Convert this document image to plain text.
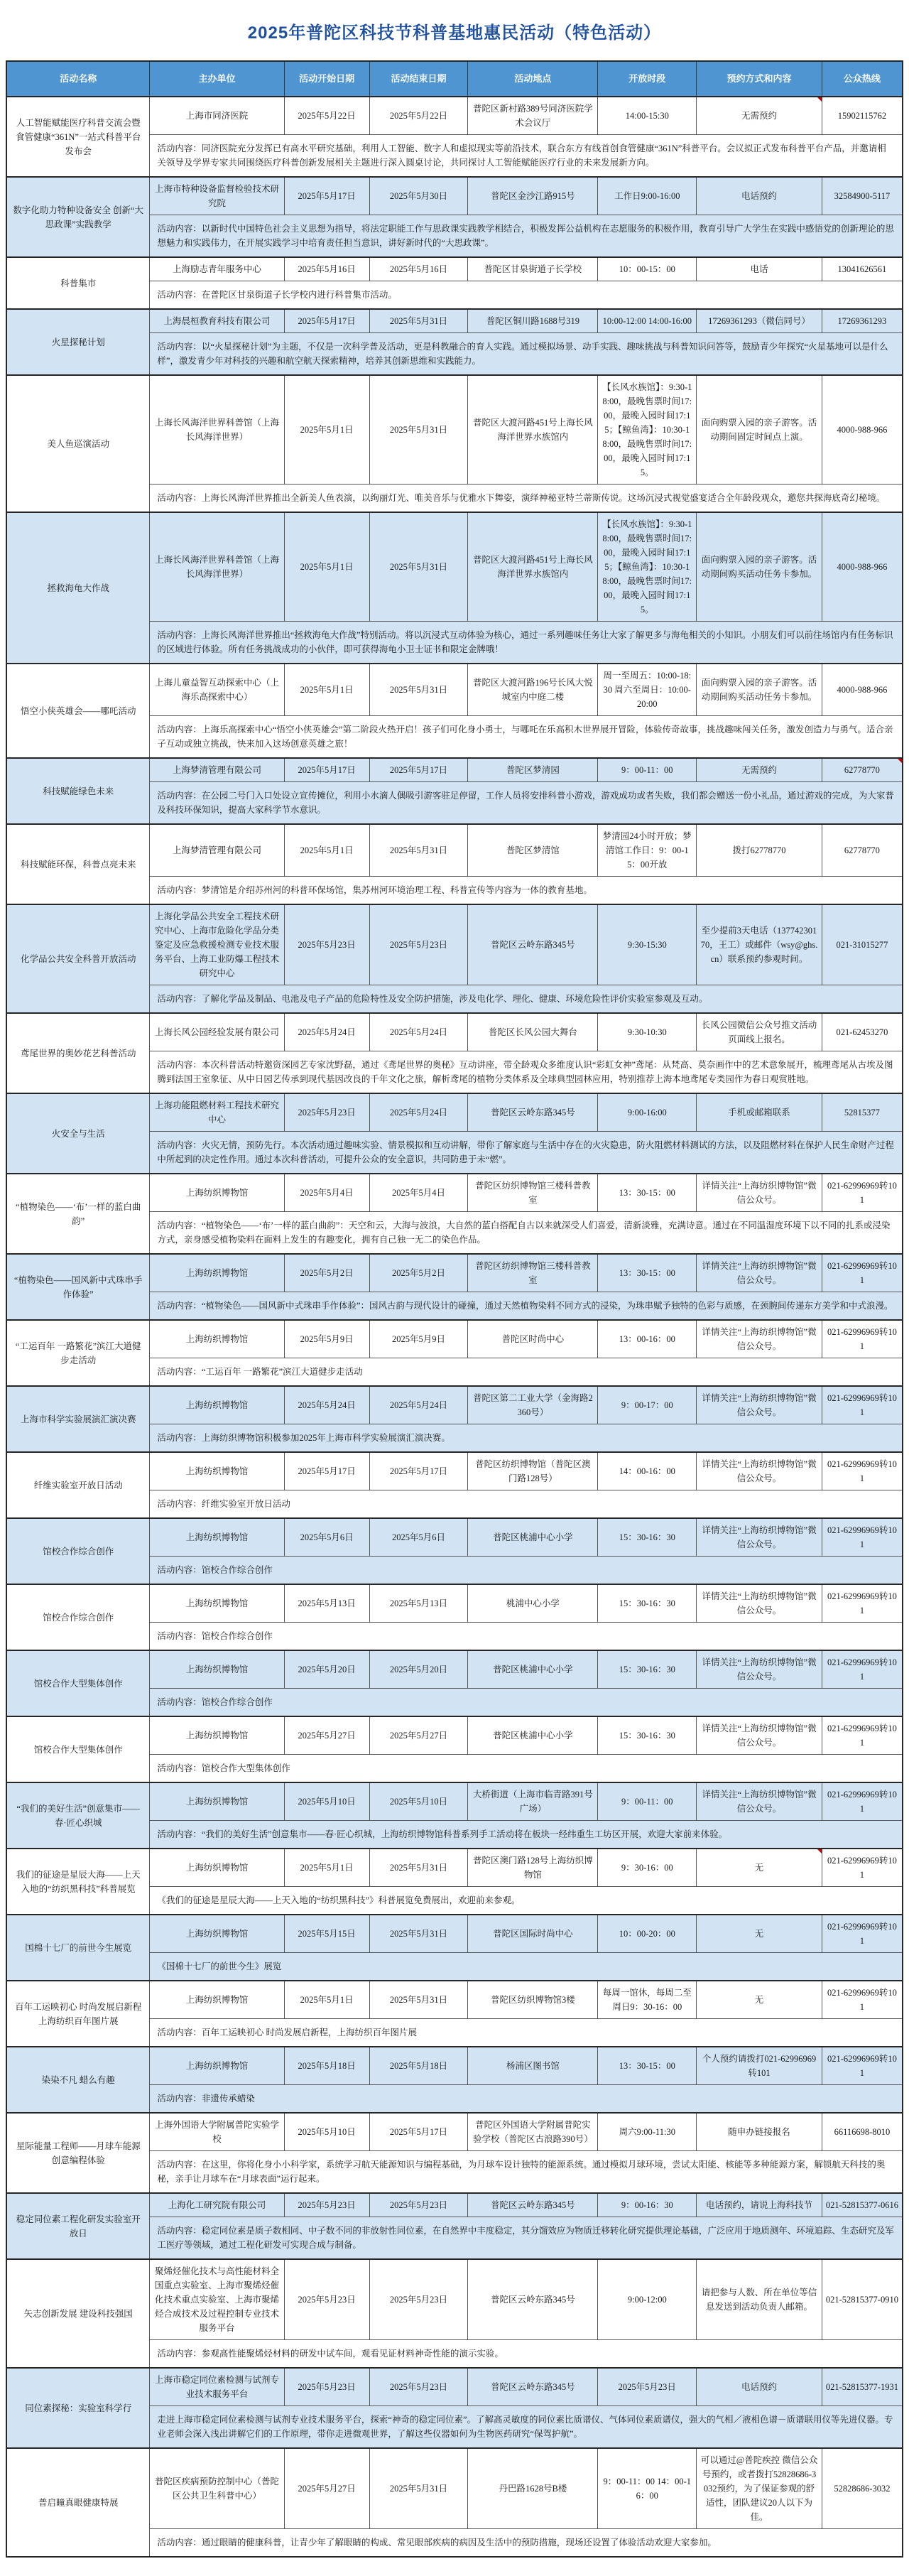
2025年普陀区科技节科普基地惠民活动（特色活动）
活动名称	主办单位	活动开始日期	活动结束日期	活动地点	开放时段	预约方式和内容	公众热线
人工智能赋能医疗科普交流会暨食管健康“361N”一站式科普平台发布会	上海市同济医院	2025年5月22日	2025年5月22日	普陀区新村路389号同济医院学术会议厅	14:00-15:30	无需预约	15902115762
	活动内容：同济医院充分发挥已有高水平研究基础，利用人工智能、数字人和虚拟现实等前沿技术，联合东方有线首创食管健康“361N”科普平台。会议拟正式发布科普平台产品，并邀请相关领导及学界专家共同围绕医疗科普创新发展相关主题进行深入圆桌讨论，共同探讨人工智能赋能医疗行业的未来发展新方向。						
数字化助力特种设备安全 创新“大思政课”实践教学	上海市特种设备监督检验技术研究院	2025年5月17日	2025年5月30日	普陀区金沙江路915号	工作日9:00-16:00	电话预约	32584900-5117
	活动内容：以新时代中国特色社会主义思想为指导，将法定职能工作与思政课实践教学相结合，积极发挥公益机构在志愿服务的积极作用，教育引导广大学生在实践中感悟党的创新理论的思想魅力和实践伟力，在开展实践学习中培育责任担当意识，讲好新时代的“大思政课”。						
科普集市	上海励志青年服务中心	2025年5月16日	2025年5月16日	普陀区甘泉街道子长学校	10：00-15：00	电话	13041626561
	活动内容：在普陀区甘泉街道子长学校内进行科普集市活动。						
火星探秘计划	上海晨桓教育科技有限公司	2025年5月17日	2025年5月31日	普陀区铜川路1688号319	10:00-12:00 14:00-16:00	17269361293（微信同号）	17269361293
	活动内容：以“火星探秘计划”为主题，不仅是一次科学普及活动，更是科教融合的育人实践。通过模拟场景、动手实践、趣味挑战与科普知识问答等，鼓励青少年探究“火星基地可以是什么样”，激发青少年对科技的兴趣和航空航天探索精神，培养其创新思维和实践能力。						
美人鱼巡演活动	上海长风海洋世界科普馆（上海长风海洋世界）	2025年5月1日	2025年5月31日	普陀区大渡河路451号上海长风海洋世界水族馆内	【长风水族馆】：9:30-18:00，最晚售票时间17:00，最晚入园时间17:15；【鲸鱼湾】：10:30-18:00，最晚售票时间17:00，最晚入园时间17:15。	面向购票入园的亲子游客。活动期间固定时间点上演。	4000-988-966
	活动内容：上海长风海洋世界推出全新美人鱼表演，以绚丽灯光、唯美音乐与优雅水下舞姿，演绎神秘亚特兰蒂斯传说。这场沉浸式视觉盛宴适合全年龄段观众，邀您共探海底奇幻秘境。						
拯救海龟大作战	上海长风海洋世界科普馆（上海长风海洋世界）	2025年5月1日	2025年5月31日	普陀区大渡河路451号上海长风海洋世界水族馆内	【长风水族馆】：9:30-18:00，最晚售票时间17:00，最晚入园时间17:15；【鲸鱼湾】：10:30-18:00，最晚售票时间17:00，最晚入园时间17:15。	面向购票入园的亲子游客。活动期间购买活动任务卡参加。	4000-988-966
	活动内容：上海长风海洋世界推出“拯救海龟大作战”特别活动。将以沉浸式互动体验为核心，通过一系列趣味任务让大家了解更多与海龟相关的小知识。小朋友们可以前往场馆内有任务标识的区域进行体验。所有任务挑战成功的小伙伴，即可获得海龟小卫士证书和限定金牌哦！						
悟空小侠英雄会——哪吒活动	上海儿童益智互动探索中心（上海乐高探索中心）	2025年5月1日	2025年5月31日	普陀区大渡河路196号长风大悦城室内中庭二楼	周一至周五：10:00-18:30 周六至周日：10:00-20:00	面向购票入园的亲子游客。活动期间购买活动任务卡参加。	4000-988-966
	活动内容：上海乐高探索中心“悟空小侠英雄会”第二阶段火热开启！孩子们可化身小勇士，与哪吒在乐高积木世界展开冒险，体验传奇故事，挑战趣味闯关任务，激发创造力与勇气。适合亲子互动或独立挑战，快来加入这场创意英雄之旅！						
科技赋能绿色未来	上海梦清管理有限公司	2025年5月17日	2025年5月17日	普陀区梦清园	9：00-11：00	无需预约	62778770
	活动内容：在公园二号门入口处设立宣传摊位，利用小水滴人偶吸引游客驻足停留，工作人员将安排科普小游戏，游戏成功或者失败，我们都会赠送一份小礼品，通过游戏的完成，为大家普及科技环保知识，提高大家科学节水意识。						
科技赋能环保，科普点亮未来	上海梦清管理有限公司	2025年5月1日	2025年5月31日	普陀区梦清馆	梦清园24小时开放；梦清馆工作日：9：00-15：00开放	拨打62778770	62778770
	活动内容：梦清馆是介绍苏州河的科普环保场馆，集苏州河环境治理工程、科普宣传等内容为一体的教育基地。						
化学品公共安全科普开放活动	上海化学品公共安全工程技术研究中心、上海市危险化学品分类鉴定及应急救援检测专业技术服务平台、上海工业防爆工程技术研究中心	2025年5月23日	2025年5月23日	普陀区云岭东路345号	9:30-15:30	至少提前3天电话（13774230170，王工）或邮件（wsy@ghs.cn）联系预约参观时间。	021-31015277
	活动内容：了解化学品及制品、电池及电子产品的危险特性及安全防护措施，涉及电化学、理化、健康、环境危险性评价实验室参观及互动。						
鸢尾世界的奥妙花艺科普活动	上海长风公园经验发展有限公司	2025年5月24日	2025年5月24日	普陀区长风公园大舞台	9:30-10:30	长风公园微信公众号推文活动页面线上报名。	021-62453270
	活动内容：本次科普活动特邀资深园艺专家沈野磊，通过《鸢尾世界的奥秘》互动讲座，带全龄观众多维度认识“彩虹女神”鸢尾：从梵高、莫奈画作中的艺术意象展开，梳理鸢尾从古埃及图腾到法国王室象征、从中日园艺传承到现代基因改良的千年文化之旅，解析鸢尾的植物分类体系及全球典型园林应用，特别推荐上海本地鸢尾专类园作为春日观赏胜地。						
火安全与生活	上海功能阻燃材料工程技术研究中心	2025年5月23日	2025年5月24日	普陀区云岭东路345号	9:00-16:00	手机或邮箱联系	52815377
	活动内容：火灾无情，预防先行。本次活动通过趣味实验、情景模拟和互动讲解，带你了解家庭与生活中存在的火灾隐患，防火阻燃材料测试的方法，以及阻燃材料在保护人民生命财产过程中所起到的决定性作用。通过本次科普活动，可提升公众的安全意识，共同防患于未“燃”。						
“植物染色——‘布’一样的蓝白曲韵”	上海纺织博物馆	2025年5月4日	2025年5月4日	普陀区纺织博物馆三楼科普教室	13：30-15：00	详情关注“上海纺织博物馆”微信公众号。	021-62996969转101
	活动内容：“植物染色——‘布’一样的蓝白曲韵”：天空和云，大海与波浪，大自然的蓝白搭配自古以来就深受人们喜爱，清新淡雅，充满诗意。通过在不同温湿度环境下以不同的扎系或浸染方式，亲身感受植物染料在面料上发生的有趣变化，拥有自己独一无二的染色作品。						
“植物染色——国风新中式珠串手作体验”	上海纺织博物馆	2025年5月2日	2025年5月2日	普陀区纺织博物馆三楼科普教室	13：30-15：00	详情关注“上海纺织博物馆”微信公众号。	021-62996969转101
	活动内容：“植物染色——国风新中式珠串手作体验”：国风古韵与现代设计的碰撞，通过天然植物染料不同方式的浸染，为珠串赋予独特的色彩与质感，在颈腕间传递东方美学和中式浪漫。						
“工运百年 一路繁花”滨江大道健步走活动	上海纺织博物馆	2025年5月9日	2025年5月9日	普陀区时尚中心	13：00-16：00	详情关注“上海纺织博物馆”微信公众号。	021-62996969转101
	活动内容：“工运百年 一路繁花”滨江大道健步走活动						
上海市科学实验展演汇演决赛	上海纺织博物馆	2025年5月24日	2025年5月24日	普陀区第二工业大学（金海路2360号）	9：00-17：00	详情关注“上海纺织博物馆”微信公众号。	021-62996969转101
	活动内容：上海纺织博物馆积极参加2025年上海市科学实验展演汇演决赛。						
纤维实验室开放日活动	上海纺织博物馆	2025年5月17日	2025年5月17日	普陀区纺织博物馆（普陀区澳门路128号）	14：00-16：00	详情关注“上海纺织博物馆”微信公众号。	021-62996969转101
	活动内容：纤维实验室开放日活动						
馆校合作综合创作	上海纺织博物馆	2025年5月6日	2025年5月6日	普陀区桃浦中心小学	15：30-16：30	详情关注“上海纺织博物馆”微信公众号。	021-62996969转101
	活动内容：馆校合作综合创作						
馆校合作综合创作	上海纺织博物馆	2025年5月13日	2025年5月13日	桃浦中心小学	15：30-16：30	详情关注“上海纺织博物馆”微信公众号。	021-62996969转101
	活动内容：馆校合作综合创作						
馆校合作大型集体创作	上海纺织博物馆	2025年5月20日	2025年5月20日	普陀区桃浦中心小学	15：30-16：30	详情关注“上海纺织博物馆”微信公众号。	021-62996969转101
	活动内容：馆校合作综合创作						
馆校合作大型集体创作	上海纺织博物馆	2025年5月27日	2025年5月27日	普陀区桃浦中心小学	15：30-16：30	详情关注“上海纺织博物馆”微信公众号。	021-62996969转101
	活动内容：馆校合作大型集体创作						
“我们的美好生活”创意集市——春·匠心织城	上海纺织博物馆	2025年5月10日	2025年5月10日	大桥街道（上海市临青路391号广场）	9：00-11：00	详情关注“上海纺织博物馆”微信公众号。	021-62996969转101
	活动内容：“我们的美好生活”创意集市——春·匠心织城，上海纺织博物馆科普系列手工活动将在板块一经纬重生工坊区开展，欢迎大家前来体验。						
我们的征途是星辰大海——上天入地的“纺织黑科技”科普展览	上海纺织博物馆	2025年5月1日	2025年5月31日	普陀区澳门路128号上海纺织博物馆	9：30-16：00	无	021-62996969转101
	《我们的征途是星辰大海——上天入地的“纺织黑科技”》科普展览免费展出，欢迎前来参观。						
国棉十七厂的前世今生展览	上海纺织博物馆	2025年5月15日	2025年5月31日	普陀区国际时尚中心	10：00-20：00	无	021-62996969转101
	《国棉十七厂的前世今生》展览						
百年工运映初心 时尚发展启新程 上海纺织百年图片展	上海纺织博物馆	2025年5月1日	2025年5月31日	普陀区纺织博物馆3楼	每周一馆休，每周二至周日9：30-16：00	无	021-62996969转101
	活动内容：百年工运映初心 时尚发展启新程，上海纺织百年图片展						
染染不凡 蜡么有趣	上海纺织博物馆	2025年5月18日	2025年5月18日	杨浦区图书馆	13：30-15：00	个人预约请拨打021-62996969转101	021-62996969转101
	活动内容：非遗传承蜡染						
星际能量工程师——月球车能源创意编程体验	上海外国语大学附属普陀实验学校	2025年5月10日	2025年5月17日	普陀区外国语大学附属普陀实验学校（普陀区古浪路390号）	周六9:00-11:30	随申办链接报名	66116698-8010
	活动内容：在这里，你将化身小小科学家，系统学习航天能源知识与编程基础，为月球车设计独特的能源系统。通过模拟月球环境，尝试太阳能、核能等多种能源方案，解锁航天科技的奥秘，亲手让月球车在“月球表面”运行起来。						
稳定同位素工程化研发实验室开放日	上海化工研究院有限公司	2025年5月23日	2025年5月23日	普陀区云岭东路345号	9：00-16：30	电话预约，请说上海科技节	021-52815377-0616
	活动内容：稳定同位素是质子数相同、中子数不同的非放射性同位素，在自然界中丰度稳定，其分馏效应为物质迁移转化研究提供理论基础，广泛应用于地质测年、环境追踪、生态研究及军工医疗等领域，通过工程化研发可实现合成与制备。						
矢志创新发展 建设科技强国	聚烯烃催化技术与高性能材料全国重点实验室、上海市聚烯烃催化技术重点实验室、上海市聚烯烃合成技术及过程控制专业技术服务平台	2025年5月23日	2025年5月23日	普陀区云岭东路345号	9:00-12:00	请把参与人数、所在单位等信息发送到活动负责人邮箱。	021-52815377-0910
	活动内容：参观高性能聚烯烃材料的研发中试车间，观看见证材料神奇性能的演示实验。						
同位素探秘：实验室科学行	上海市稳定同位素检测与试剂专业技术服务平台	2025年5月23日	2025年5月23日	普陀区云岭东路345号	2025年5月23日	电话预约	021-52815377-1931
	走进上海市稳定同位素检测与试剂专业技术服务平台，探索“神奇的稳定同位素”。了解高灵敏度的同位素比质谱仪、气体同位素质谱仪，强大的气相／液相色谱－质谱联用仪等先进仪器。专业老师会深入浅出讲解它们的工作原理，带你走进微观世界，了解这些仪器如何为生物医药研究“保驾护航”。						
普启瞳真眼健康特展	普陀区疾病预防控制中心（普陀区公共卫生科普中心）	2025年5月27日	2025年5月31日	丹巴路1628号B楼	9：00-11：00 14：00-16：00	可以通过@普陀疾控 微信公众号预约，或者拨打52828686-3032预约，为了保证参观的舒适性，团队建议20人以下为佳。	52828686-3032
	活动内容：通过眼睛的健康科普，让青少年了解眼睛的构成、常见眼部疾病的病因及生活中的预防措施，现场还设置了体验活动欢迎大家参加。						
